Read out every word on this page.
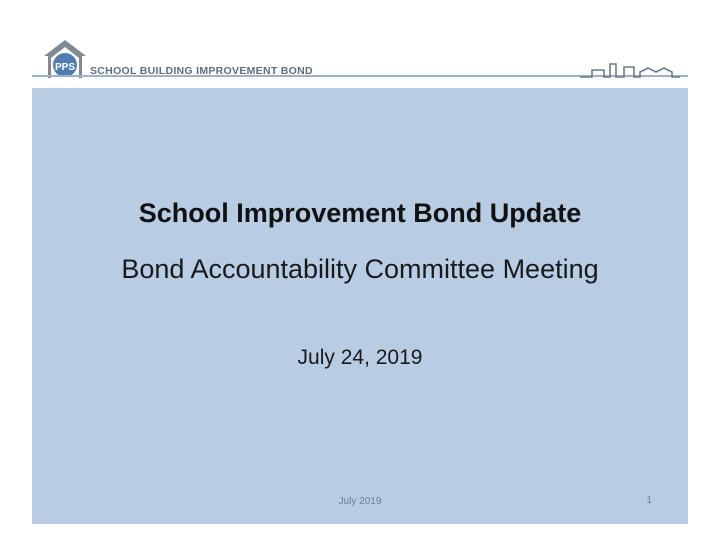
PPS SCHOOL BUILDING IMPROVEMENT BOND
School Improvement Bond Update
Bond Accountability Committee Meeting
July 24, 2019
July 2019	1
